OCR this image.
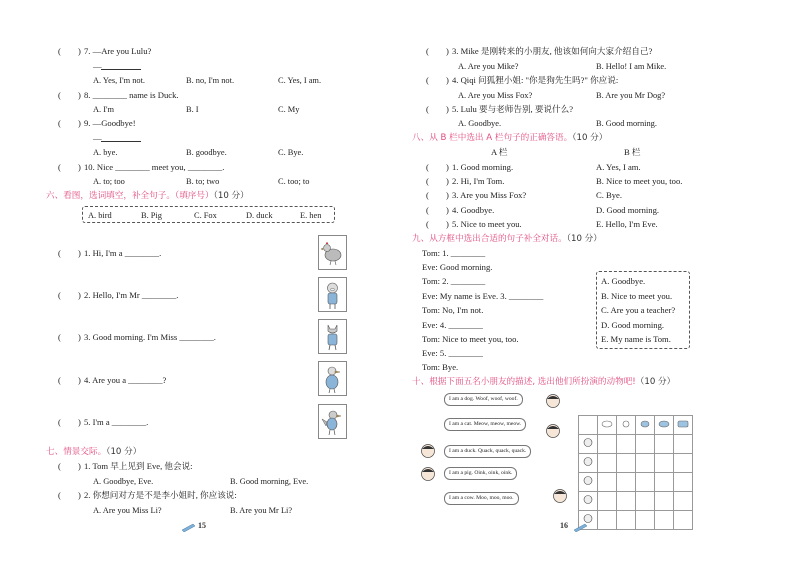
( ) 7. —Are you Lulu?
—
A. Yes, I'm not.	B. no, I'm not.	C. Yes, I am.
( ) 8. ________ name is Duck.
A. I'm	B. I	C. My
( ) 9. —Goodbye!
—
A. bye.	B. goodbye.	C. Bye.
( ) 10. Nice ________ meet you, ________.
A. to; too	B. to; two	C. too; to
六、看图，选词填空，补全句子。（填序号）（10 分）
A. bird	B. Pig	C. Fox	D. duck	E. hen
( ) 1. Hi, I'm a ________.
( ) 2. Hello, I'm Mr ________.
( ) 3. Good morning. I'm Miss ________.
( ) 4. Are you a ________?
( ) 5. I'm a ________.
七、情景交际。（10 分）
( ) 1. Tom 早上见到 Eve, 他会说:
A. Goodbye, Eve.	B. Good morning, Eve.
( ) 2. 你想问对方是不是李小姐时, 你应该说:
A. Are you Miss Li?	B. Are you Mr Li?
15
( ) 3. Mike 是刚转来的小朋友, 他该如何向大家介绍自己?
A. Are you Mike?	B. Hello! I am Mike.
( ) 4. Qiqi 问狐狸小姐: "你是狗先生吗?" 你应说:
A. Are you Miss Fox?	B. Are you Mr Dog?
( ) 5. Lulu 要与老师告别, 要说什么?
A. Goodbye.	B. Good morning.
八、从 B 栏中选出 A 栏句子的正确答语。（10 分）
A 栏	B 栏
( ) 1. Good morning.	A. Yes, I am.
( ) 2. Hi, I'm Tom.	B. Nice to meet you, too.
( ) 3. Are you Miss Fox?	C. Bye.
( ) 4. Goodbye.	D. Good morning.
( ) 5. Nice to meet you.	E. Hello, I'm Eve.
九、从方框中选出合适的句子补全对话。（10 分）
Tom: 1. ________
Eve: Good morning.
Tom: 2. ________
Eve: My name is Eve. 3. ________
Tom: No, I'm not.
Eve: 4. ________
Tom: Nice to meet you, too.
Eve: 5. ________
Tom: Bye.
A. Goodbye.
B. Nice to meet you.
C. Are you a teacher?
D. Good morning.
E. My name is Tom.
十、根据下面五名小朋友的描述, 选出他们所扮演的动物吧!（10 分）
I am a dog. Woof, woof, woof.
I am a cat. Meow, meow, meow.
I am a duck. Quack, quack, quack.
I am a pig. Oink, oink, oink.
I am a cow. Moo, moo, moo.

16
